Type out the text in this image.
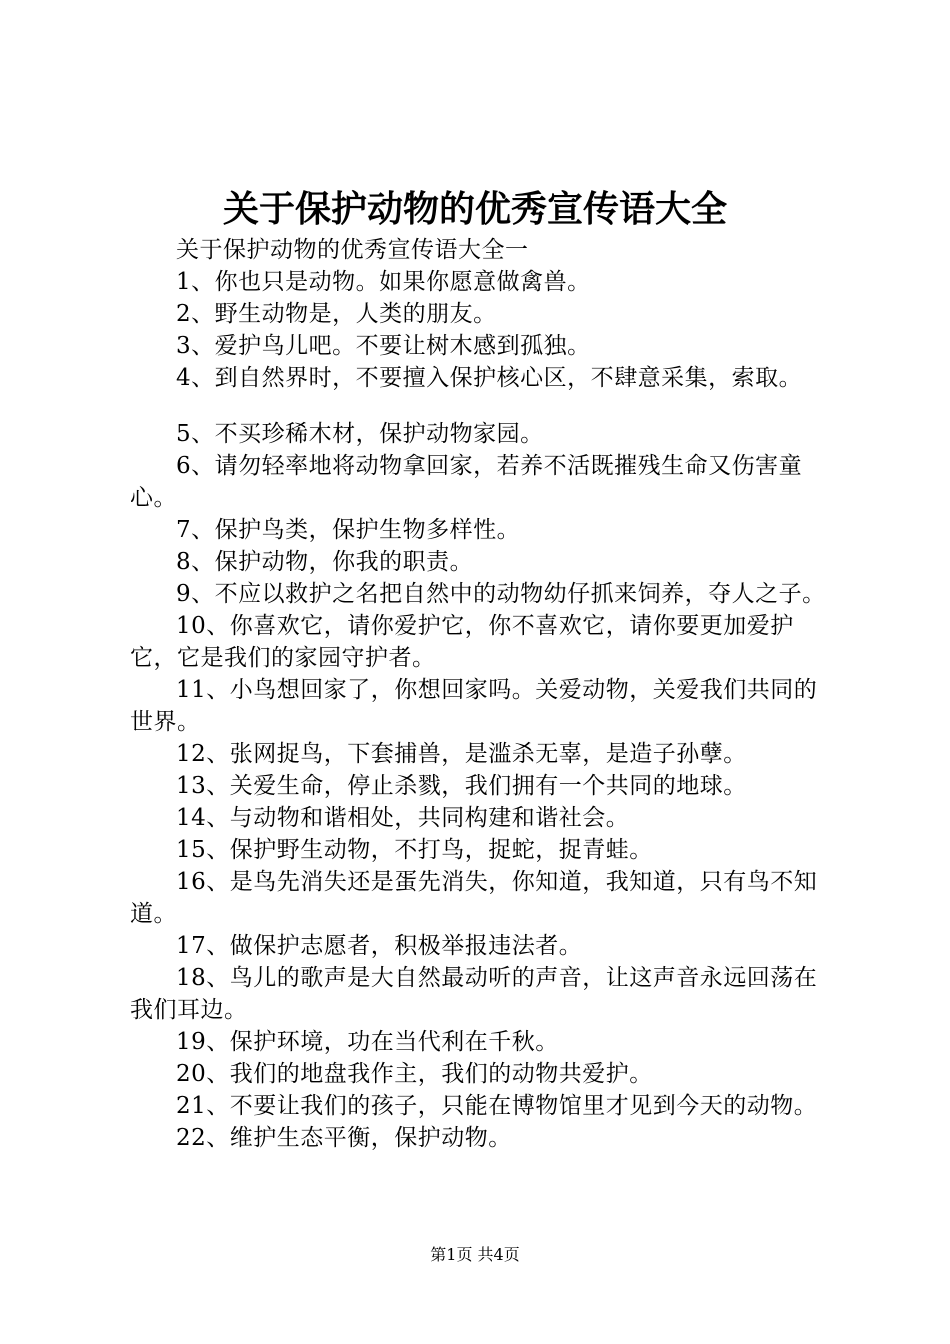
关于保护动物的优秀宣传语大全

关于保护动物的优秀宣传语大全一

1、你也只是动物。如果你愿意做禽兽。

2、野生动物是，人类的朋友。

3、爱护鸟儿吧。不要让树木感到孤独。

4、到自然界时，不要擅入保护核心区，不肆意采集，索取。

5、不买珍稀木材，保护动物家园。

6、请勿轻率地将动物拿回家，若养不活既摧残生命又伤害童心。

7、保护鸟类，保护生物多样性。

8、保护动物，你我的职责。

9、不应以救护之名把自然中的动物幼仔抓来饲养，夺人之子。

10、你喜欢它，请你爱护它，你不喜欢它，请你要更加爱护它，它是我们的家园守护者。

11、小鸟想回家了，你想回家吗。关爱动物，关爱我们共同的世界。

12、张网捉鸟，下套捕兽，是滥杀无辜，是造子孙孽。

13、关爱生命，停止杀戮，我们拥有一个共同的地球。

14、与动物和谐相处，共同构建和谐社会。

15、保护野生动物，不打鸟，捉蛇，捉青蛙。

16、是鸟先消失还是蛋先消失，你知道，我知道，只有鸟不知道。

17、做保护志愿者，积极举报违法者。

18、鸟儿的歌声是大自然最动听的声音，让这声音永远回荡在我们耳边。

19、保护环境，功在当代利在千秋。

20、我们的地盘我作主，我们的动物共爱护。

21、不要让我们的孩子，只能在博物馆里才见到今天的动物。

22、维护生态平衡，保护动物。

第1页 共4页
